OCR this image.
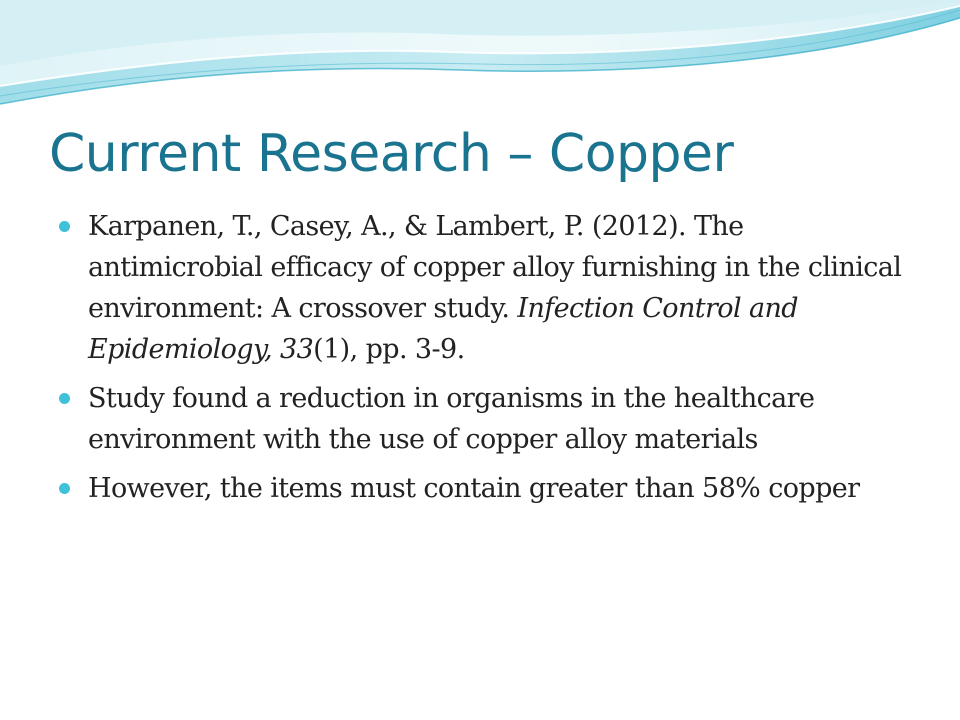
Current Research – Copper
Karpanen, T., Casey, A., & Lambert, P. (2012). The antimicrobial efficacy of copper alloy furnishing in the clinical environment: A crossover study. Infection Control and Epidemiology, 33(1), pp. 3-9.
Study found a reduction in organisms in the healthcare environment with the use of copper alloy materials
However, the items must contain greater than 58% copper
